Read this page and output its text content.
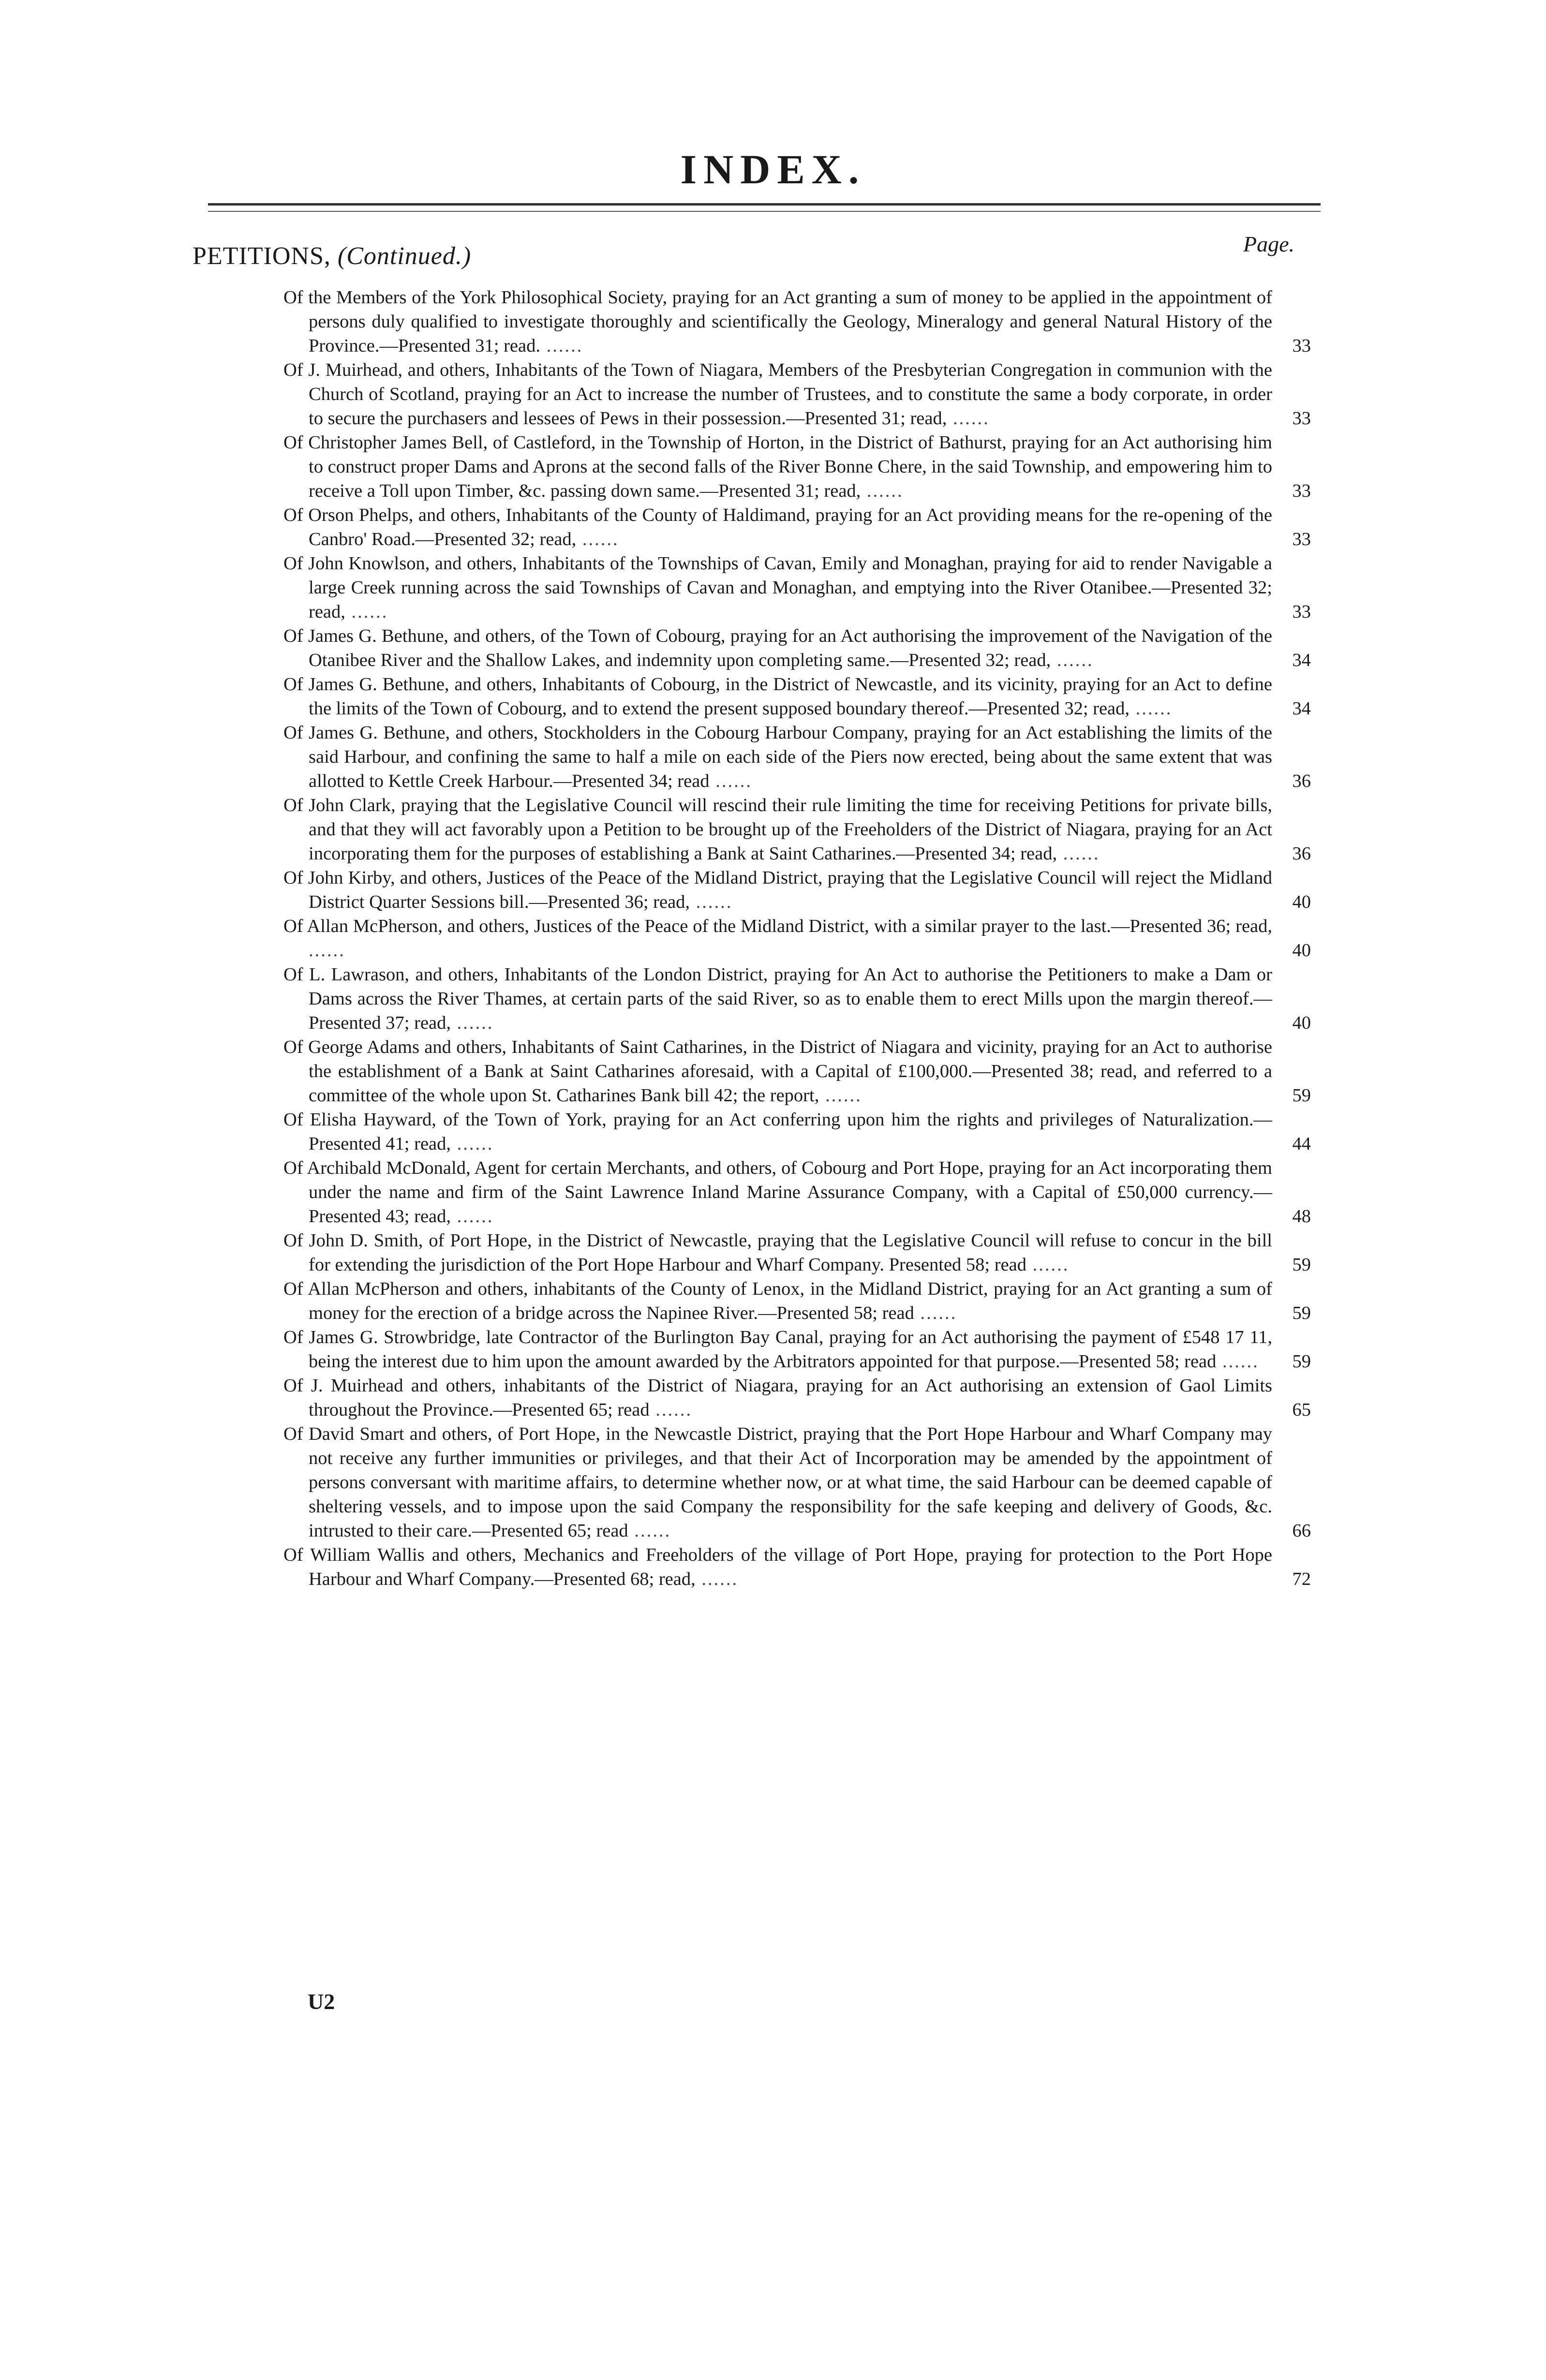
INDEX.
PETITIONS, (Continued.)	Page.

Of the Members of the York Philosophical Society, praying for an Act granting a sum of money to be applied in the appointment of persons duly qualified to investigate thoroughly and scientifically the Geology, Mineralogy and general Natural History of the Province.—Presented 31; read. ......	33

Of J. Muirhead, and others, Inhabitants of the Town of Niagara, Members of the Presbyterian Congregation in communion with the Church of Scotland, praying for an Act to increase the number of Trustees, and to constitute the same a body corporate, in order to secure the purchasers and lessees of Pews in their possession.—Presented 31; read, ......	33

Of Christopher James Bell, of Castleford, in the Township of Horton, in the District of Bathurst, praying for an Act authorising him to construct proper Dams and Aprons at the second falls of the River Bonne Chere, in the said Township, and empowering him to receive a Toll upon Timber, &c. passing down same.—Presented 31; read, ......	33

Of Orson Phelps, and others, Inhabitants of the County of Haldimand, praying for an Act providing means for the re-opening of the Canbro' Road.—Presented 32; read, ......	33

Of John Knowlson, and others, Inhabitants of the Townships of Cavan, Emily and Monaghan, praying for aid to render Navigable a large Creek running across the said Townships of Cavan and Monaghan, and emptying into the River Otanibee.—Presented 32; read, ......	33

Of James G. Bethune, and others, of the Town of Cobourg, praying for an Act authorising the improvement of the Navigation of the Otanibee River and the Shallow Lakes, and indemnity upon completing same.—Presented 32; read, ......	34

Of James G. Bethune, and others, Inhabitants of Cobourg, in the District of Newcastle, and its vicinity, praying for an Act to define the limits of the Town of Cobourg, and to extend the present supposed boundary thereof.—Presented 32; read, ......	34

Of James G. Bethune, and others, Stockholders in the Cobourg Harbour Company, praying for an Act establishing the limits of the said Harbour, and confining the same to half a mile on each side of the Piers now erected, being about the same extent that was allotted to Kettle Creek Harbour.—Presented 34; read ......	36

Of John Clark, praying that the Legislative Council will rescind their rule limiting the time for receiving Petitions for private bills, and that they will act favorably upon a Petition to be brought up of the Freeholders of the District of Niagara, praying for an Act incorporating them for the purposes of establishing a Bank at Saint Catharines.—Presented 34; read, ......	36

Of John Kirby, and others, Justices of the Peace of the Midland District, praying that the Legislative Council will reject the Midland District Quarter Sessions bill.—Presented 36; read, ......	40

Of Allan McPherson, and others, Justices of the Peace of the Midland District, with a similar prayer to the last.—Presented 36; read, ......	40

Of L. Lawrason, and others, Inhabitants of the London District, praying for An Act to authorise the Petitioners to make a Dam or Dams across the River Thames, at certain parts of the said River, so as to enable them to erect Mills upon the margin thereof.—Presented 37; read, ......	40

Of George Adams and others, Inhabitants of Saint Catharines, in the District of Niagara and vicinity, praying for an Act to authorise the establishment of a Bank at Saint Catharines aforesaid, with a Capital of £100,000.—Presented 38; read, and referred to a committee of the whole upon St. Catharines Bank bill 42; the report, ......	59

Of Elisha Hayward, of the Town of York, praying for an Act conferring upon him the rights and privileges of Naturalization.—Presented 41; read, ......	44

Of Archibald McDonald, Agent for certain Merchants, and others, of Cobourg and Port Hope, praying for an Act incorporating them under the name and firm of the Saint Lawrence Inland Marine Assurance Company, with a Capital of £50,000 currency.—Presented 43; read, ......	48

Of John D. Smith, of Port Hope, in the District of Newcastle, praying that the Legislative Council will refuse to concur in the bill for extending the jurisdiction of the Port Hope Harbour and Wharf Company. Presented 58; read ......	59

Of Allan McPherson and others, inhabitants of the County of Lenox, in the Midland District, praying for an Act granting a sum of money for the erection of a bridge across the Napinee River.—Presented 58; read ......	59

Of James G. Strowbridge, late Contractor of the Burlington Bay Canal, praying for an Act authorising the payment of £548 17 11, being the interest due to him upon the amount awarded by the Arbitrators appointed for that purpose.—Presented 58; read ......	59

Of J. Muirhead and others, inhabitants of the District of Niagara, praying for an Act authorising an extension of Gaol Limits throughout the Province.—Presented 65; read ......	65

Of David Smart and others, of Port Hope, in the Newcastle District, praying that the Port Hope Harbour and Wharf Company may not receive any further immunities or privileges, and that their Act of Incorporation may be amended by the appointment of persons conversant with maritime affairs, to determine whether now, or at what time, the said Harbour can be deemed capable of sheltering vessels, and to impose upon the said Company the responsibility for the safe keeping and delivery of Goods, &c. intrusted to their care.—Presented 65; read ......	66

Of William Wallis and others, Mechanics and Freeholders of the village of Port Hope, praying for protection to the Port Hope Harbour and Wharf Company.—Presented 68; read, ......	72

U2
